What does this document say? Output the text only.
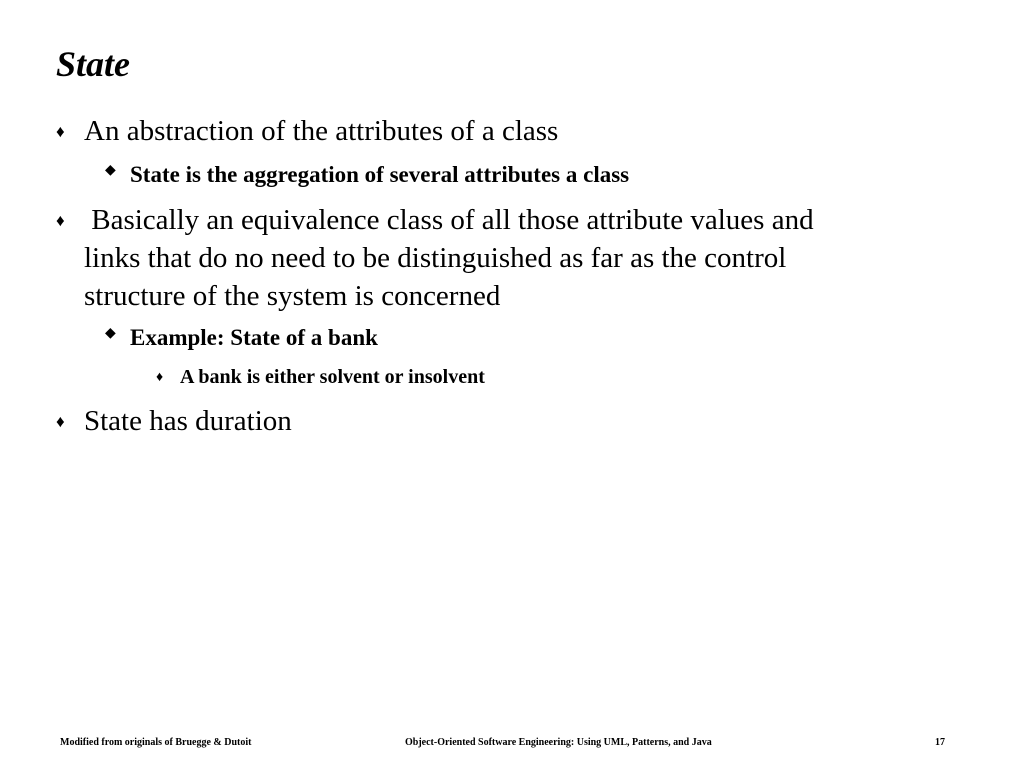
State
♦ An abstraction of the attributes of a class
◆ State is the aggregation of several attributes a class
♦ Basically an equivalence class of all those attribute values and
links that do no need to be distinguished as far as the control
structure of the system is concerned
◆ Example: State of a bank
♦ A bank is either solvent or insolvent
♦ State has duration
Modified from originals of Bruegge & Dutoit	Object-Oriented Software Engineering: Using UML, Patterns, and Java	17
